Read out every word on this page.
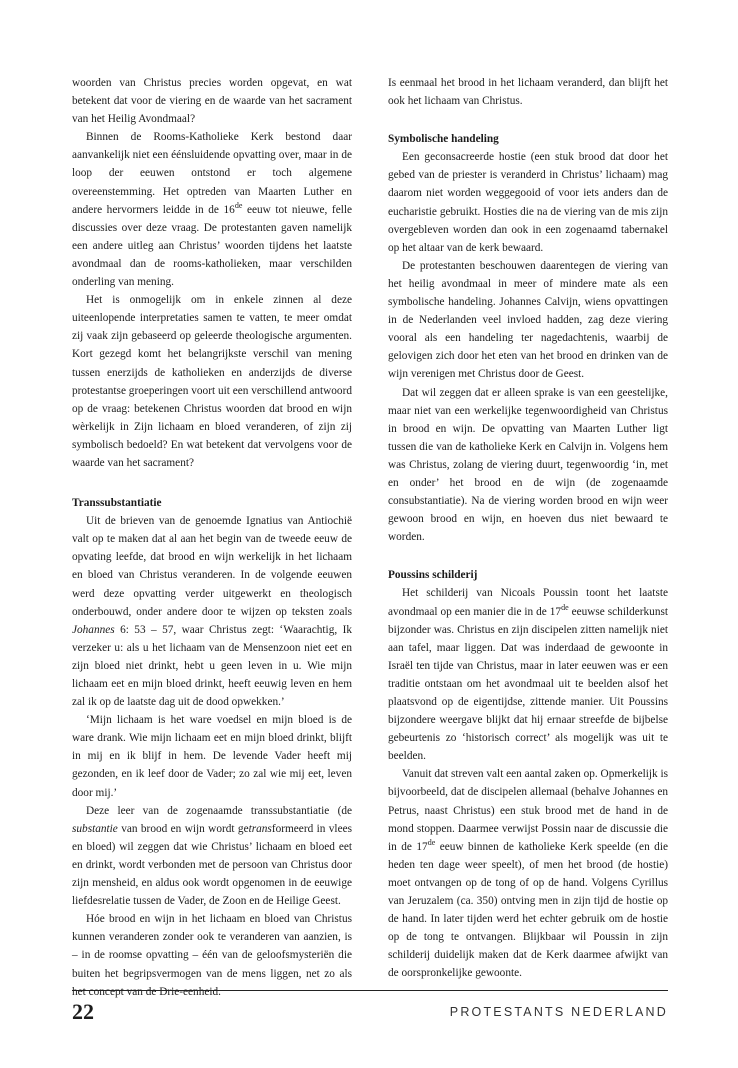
woorden van Christus precies worden opgevat, en wat betekent dat voor de viering en de waarde van het sacrament van het Heilig Avondmaal?

Binnen de Rooms-Katholieke Kerk bestond daar aanvankelijk niet een éénsluidende opvatting over, maar in de loop der eeuwen ontstond er toch algemene overeenstemming. Het optreden van Maarten Luther en andere hervormers leidde in de 16de eeuw tot nieuwe, felle discussies over deze vraag. De protestanten gaven namelijk een andere uitleg aan Christus’ woorden tijdens het laatste avondmaal dan de rooms-katholieken, maar verschilden onderling van mening.

Het is onmogelijk om in enkele zinnen al deze uiteenlopende interpretaties samen te vatten, te meer omdat zij vaak zijn gebaseerd op geleerde theologische argumenten. Kort gezegd komt het belangrijkste verschil van mening tussen enerzijds de katholieken en anderzijds de diverse protestantse groeperingen voort uit een verschillend antwoord op de vraag: betekenen Christus woorden dat brood en wijn wèrkelijk in Zijn lichaam en bloed veranderen, of zijn zij symbolisch bedoeld? En wat betekent dat vervolgens voor de waarde van het sacrament?

Transsubstantiatie

Uit de brieven van de genoemde Ignatius van Antiochië valt op te maken dat al aan het begin van de tweede eeuw de opvating leefde, dat brood en wijn werkelijk in het lichaam en bloed van Christus veranderen. In de volgende eeuwen werd deze opvatting verder uitgewerkt en theologisch onderbouwd, onder andere door te wijzen op teksten zoals Johannes 6: 53 – 57, waar Christus zegt: ‘Waarachtig, Ik verzeker u: als u het lichaam van de Mensenzoon niet eet en zijn bloed niet drinkt, hebt u geen leven in u. Wie mijn lichaam eet en mijn bloed drinkt, heeft eeuwig leven en hem zal ik op de laatste dag uit de dood opwekken.’

‘Mijn lichaam is het ware voedsel en mijn bloed is de ware drank. Wie mijn lichaam eet en mijn bloed drinkt, blijft in mij en ik blijf in hem. De levende Vader heeft mij gezonden, en ik leef door de Vader; zo zal wie mij eet, leven door mij.’

Deze leer van de zogenaamde transsubstantiatie (de substantie van brood en wijn wordt getransformeerd in vlees en bloed) wil zeggen dat wie Christus’ lichaam en bloed eet en drinkt, wordt verbonden met de persoon van Christus door zijn mensheid, en aldus ook wordt opgenomen in de eeuwige liefdesrelatie tussen de Vader, de Zoon en de Heilige Geest.

Hóe brood en wijn in het lichaam en bloed van Christus kunnen veranderen zonder ook te veranderen van aanzien, is – in de roomse opvatting – één van de geloofsmysteriën die buiten het begripsvermogen van de mens liggen, net zo als het concept van de Drie-eenheid.

Is eenmaal het brood in het lichaam veranderd, dan blijft het ook het lichaam van Christus.

Symbolische handeling

Een geconsacreerde hostie (een stuk brood dat door het gebed van de priester is veranderd in Christus’ lichaam) mag daarom niet worden weggegooid of voor iets anders dan de eucharistie gebruikt. Hosties die na de viering van de mis zijn overgebleven worden dan ook in een zogenaamd tabernakel op het altaar van de kerk bewaard.

De protestanten beschouwen daarentegen de viering van het heilig avondmaal in meer of mindere mate als een symbolische handeling. Johannes Calvijn, wiens opvattingen in de Nederlanden veel invloed hadden, zag deze viering vooral als een handeling ter nagedachtenis, waarbij de gelovigen zich door het eten van het brood en drinken van de wijn verenigen met Christus door de Geest.

Dat wil zeggen dat er alleen sprake is van een geestelijke, maar niet van een werkelijke tegenwoordigheid van Christus in brood en wijn. De opvatting van Maarten Luther ligt tussen die van de katholieke Kerk en Calvijn in. Volgens hem was Christus, zolang de viering duurt, tegenwoordig ‘in, met en onder’ het brood en de wijn (de zogenaamde consubstantiatie). Na de viering worden brood en wijn weer gewoon brood en wijn, en hoeven dus niet bewaard te worden.

Poussins schilderij

Het schilderij van Nicoals Poussin toont het laatste avondmaal op een manier die in de 17de eeuwse schilderkunst bijzonder was. Christus en zijn discipelen zitten namelijk niet aan tafel, maar liggen. Dat was inderdaad de gewoonte in Israël ten tijde van Christus, maar in later eeuwen was er een traditie ontstaan om het avondmaal uit te beelden alsof het plaatsvond op de eigentijdse, zittende manier. Uit Poussins bijzondere weergave blijkt dat hij ernaar streefde de bijbelse gebeurtenis zo ‘historisch correct’ als mogelijk was uit te beelden.

Vanuit dat streven valt een aantal zaken op. Opmerkelijk is bijvoorbeeld, dat de discipelen allemaal (behalve Johannes en Petrus, naast Christus) een stuk brood met de hand in de mond stoppen. Daarmee verwijst Possin naar de discussie die in de 17de eeuw binnen de katholieke Kerk speelde (en die heden ten dage weer speelt), of men het brood (de hostie) moet ontvangen op de tong of op de hand. Volgens Cyrillus van Jeruzalem (ca. 350) ontving men in zijn tijd de hostie op de hand. In later tijden werd het echter gebruik om de hostie op de tong te ontvangen. Blijkbaar wil Poussin in zijn schilderij duidelijk maken dat de Kerk daarmee afwijkt van de oorspronkelijke gewoonte.

22	PROTESTANTS NEDERLAND
